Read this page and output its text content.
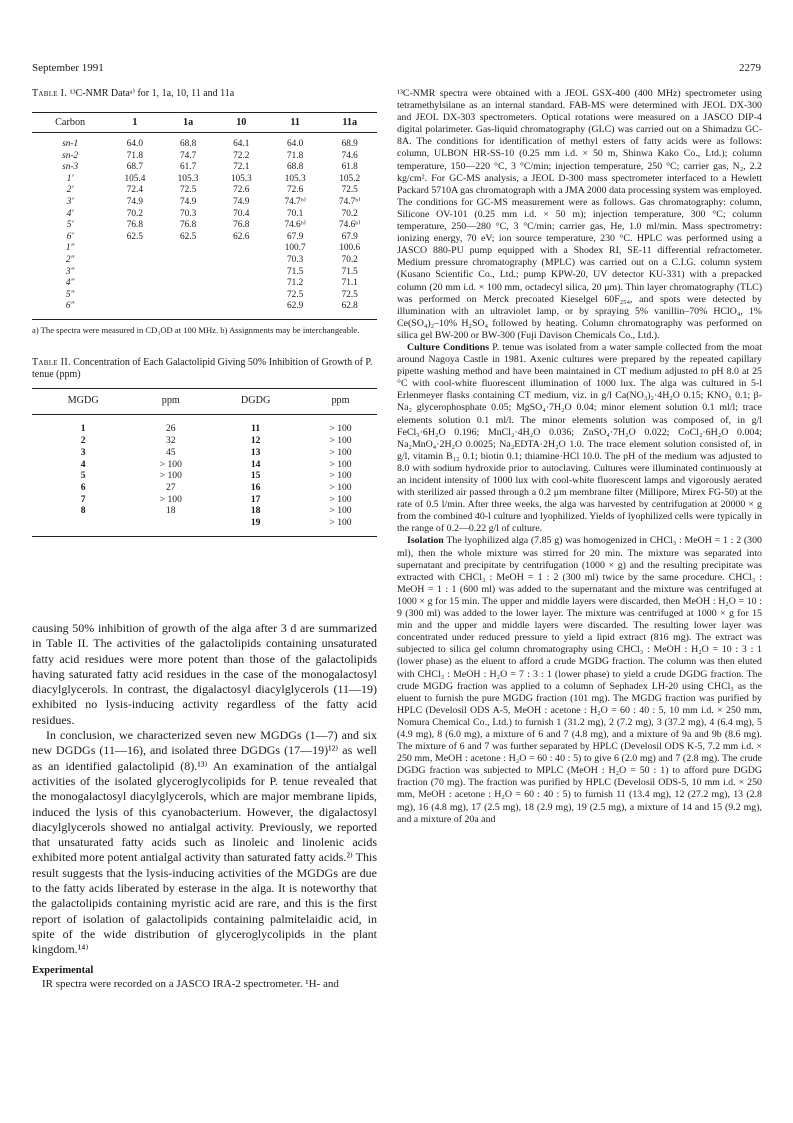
September 1991	2279
Table I. ¹³C-NMR Dataᵃ⁾ for 1, 1a, 10, 11 and 11a
Carbon	1	1a	10	11	11a
sn-1	64.0	68.8	64.1	64.0	68.9
sn-2	71.8	74.7	72.2	71.8	74.6
sn-3	68.7	61.7	72.1	68.8	61.8
1′	105.4	105.3	105.3	105.3	105.2
2′	72.4	72.5	72.6	72.6	72.5
3′	74.9	74.9	74.9	74.7ᵇ⁾	74.7ᵇ⁾
4′	70.2	70.3	70.4	70.1	70.2
5′	76.8	76.8	76.8	74.6ᵇ⁾	74.6ᵇ⁾
6′	62.5	62.5	62.6	67.9	67.9
1″				100.7	100.6
2″				70.3	70.2
3″				71.5	71.5
4″				71.2	71.1
5″				72.5	72.5
6″				62.9	62.8
a) The spectra were measured in CD₃OD at 100 MHz. b) Assignments may be interchangeable.
Table II. Concentration of Each Galactolipid Giving 50% Inhibition of Growth of P. tenue (ppm)
MGDG	ppm	DGDG	ppm
1	26	11	> 100
2	32	12	> 100
3	45	13	> 100
4	> 100	14	> 100
5	> 100	15	> 100
6	27	16	> 100
7	> 100	17	> 100
8	18	18	> 100
		19	> 100

causing 50% inhibition of growth of the alga after 3 d are summarized in Table II. The activities of the galactolipids containing unsaturated fatty acid residues were more potent than those of the galactolipids having saturated fatty acid residues in the case of the monogalactosyl diacylglycerols. In contrast, the digalactosyl diacylglycerols (11—19) exhibited no lysis-inducing activity regardless of the fatty acid residues.

In conclusion, we characterized seven new MGDGs (1—7) and six new DGDGs (11—16), and isolated three DGDGs (17—19)¹²⁾ as well as an identified galactolipid (8).¹³⁾ An examination of the antialgal activities of the isolated glyceroglycolipids for P. tenue revealed that the monogalactosyl diacylglycerols, which are major membrane lipids, induced the lysis of this cyanobacterium. However, the digalactosyl diacylglycerols showed no antialgal activity. Previously, we reported that unsaturated fatty acids such as linoleic and linolenic acids exhibited more potent antialgal activity than saturated fatty acids.²⁾ This result suggests that the lysis-inducing activities of the MGDGs are due to the fatty acids liberated by esterase in the alga. It is noteworthy that the galactolipids containing myristic acid are rare, and this is the first report of isolation of galactolipids containing palmitelaidic acid, in spite of the wide distribution of glyceroglycolipids in the plant kingdom.¹⁴⁾

Experimental
IR spectra were recorded on a JASCO IRA-2 spectrometer. ¹H- and

¹³C-NMR spectra were obtained with a JEOL GSX-400 (400 MHz) spectrometer using tetramethylsilane as an internal standard. FAB-MS were determined with JEOL DX-300 and JEOL DX-303 spectrometers. Optical rotations were measured on a JASCO DIP-4 digital polarimeter. Gas-liquid chromatography (GLC) was carried out on a Shimadzu GC-8A. The conditions for identification of methyl esters of fatty acids were as follows: column, ULBON HR-SS-10 (0.25 mm i.d. × 50 m, Shinwa Kako Co., Ltd.); column temperature, 150—220 °C, 3 °C/min; injection temperature, 250 °C; carrier gas, N₂, 2.2 kg/cm². For GC-MS analysis, a JEOL D-300 mass spectrometer interfaced to a Hewlett Packard 5710A gas chromatograph with a JMA 2000 data processing system was employed. The conditions for GC-MS measurement were as follows. Gas chromatography: column, Silicone OV-101 (0.25 mm i.d. × 50 m); injection temperature, 300 °C; column temperature, 250—280 °C, 3 °C/min; carrier gas, He, 1.0 ml/min. Mass spectrometry: ionizing energy, 70 eV; ion source temperature, 230 °C. HPLC was performed using a JASCO 880-PU pump equipped with a Shodex RI, SE-11 differential refractometer. Medium pressure chromatography (MPLC) was carried out on a C.I.G. column system (Kusano Scientific Co., Ltd.; pump KPW-20, UV detector KU-331) with a prepacked column (20 mm i.d. × 100 mm, octadecyl silica, 20 μm). Thin layer chromatography (TLC) was performed on Merck precoated Kieselgel 60F₂₅₄, and spots were detected by illumination with an ultraviolet lamp, or by spraying 5% vanillin–70% HClO₄, 1% Ce(SO₄)₂–10% H₂SO₄ followed by heating. Column chromatography was performed on silica gel BW-200 or BW-300 (Fuji Davison Chemicals Co., Ltd.).

Culture Conditions P. tenue was isolated from a water sample collected from the moat around Nagoya Castle in 1981. Axenic cultures were prepared by the repeated capillary pipette washing method and have been maintained in CT medium adjusted to pH 8.0 at 25 °C with cool-white fluorescent illumination of 1000 lux. The alga was cultured in 5-l Erlenmeyer flasks containing CT medium, viz. in g/l Ca(NO₃)₂·4H₂O 0.15; KNO₃ 0.1; β-Na₂ glycerophosphate 0.05; MgSO₄·7H₂O 0.04; minor element solution 0.1 ml/l; trace elements solution 0.1 ml/l. The minor elements solution was composed of, in g/l FeCl₃·6H₂O 0.196; MnCl₂·4H₂O 0.036; ZnSO₄·7H₂O 0.022; CoCl₂·6H₂O 0.004; Na₂MnO₄·2H₂O 0.0025; Na₂EDTA·2H₂O 1.0. The trace element solution consisted of, in g/l, vitamin B₁₂ 0.1; biotin 0.1; thiamine·HCl 10.0. The pH of the medium was adjusted to 8.0 with sodium hydroxide prior to autoclaving. Cultures were illuminated continuously at an incident intensity of 1000 lux with cool-white fluorescent lamps and vigorously aerated with sterilized air passed through a 0.2 μm membrane filter (Millipore, Mirex FG-50) at the rate of 0.5 l/min. After three weeks, the alga was harvested by centrifugation at 20000 × g from the combined 40-l culture and lyophilized. Yields of lyophilized cells were typically in the range of 0.2—0.22 g/l of culture.

Isolation The lyophilized alga (7.85 g) was homogenized in CHCl₃ : MeOH = 1 : 2 (300 ml), then the whole mixture was stirred for 20 min. The mixture was separated into supernatant and precipitate by centrifugation (1000 × g) and the resulting precipitate was extracted with CHCl₃ : MeOH = 1 : 2 (300 ml) twice by the same procedure. CHCl₃ : MeOH = 1 : 1 (600 ml) was added to the supernatant and the mixture was centrifuged at 1000 × g for 15 min. The upper and middle layers were discarded, then MeOH : H₂O = 10 : 9 (300 ml) was added to the lower layer. The mixture was centrifuged at 1000 × g for 15 min and the upper and middle layers were discarded. The resulting lower layer was concentrated under reduced pressure to yield a lipid extract (816 mg). The extract was subjected to silica gel column chromatography using CHCl₃ : MeOH : H₂O = 10 : 3 : 1 (lower phase) as the eluent to afford a crude MGDG fraction. The column was then eluted with CHCl₃ : MeOH : H₂O = 7 : 3 : 1 (lower phase) to yield a crude DGDG fraction. The crude MGDG fraction was applied to a column of Sephadex LH-20 using CHCl₃ as the eluent to furnish the pure MGDG fraction (101 mg). The MGDG fraction was purified by HPLC (Develosil ODS A-5, MeOH : acetone : H₂O = 60 : 40 : 5, 10 mm i.d. × 250 mm, Nomura Chemical Co., Ltd.) to furnish 1 (31.2 mg), 2 (7.2 mg), 3 (37.2 mg), 4 (6.4 mg), 5 (4.9 mg), 8 (6.0 mg), a mixture of 6 and 7 (4.8 mg), and a mixture of 9a and 9b (8.6 mg). The mixture of 6 and 7 was further separated by HPLC (Develosil ODS K-5, 7.2 mm i.d. × 250 mm, MeOH : acetone : H₂O = 60 : 40 : 5) to give 6 (2.0 mg) and 7 (2.8 mg). The crude DGDG fraction was subjected to MPLC (MeOH : H₂O = 50 : 1) to afford pure DGDG fraction (70 mg). The fraction was purified by HPLC (Develosil ODS-5, 10 mm i.d. × 250 mm, MeOH : acetone : H₂O = 60 : 40 : 5) to furnish 11 (13.4 mg), 12 (27.2 mg), 13 (2.8 mg), 16 (4.8 mg), 17 (2.5 mg), 18 (2.9 mg), 19 (2.5 mg), a mixture of 14 and 15 (9.2 mg), and a mixture of 20a and
